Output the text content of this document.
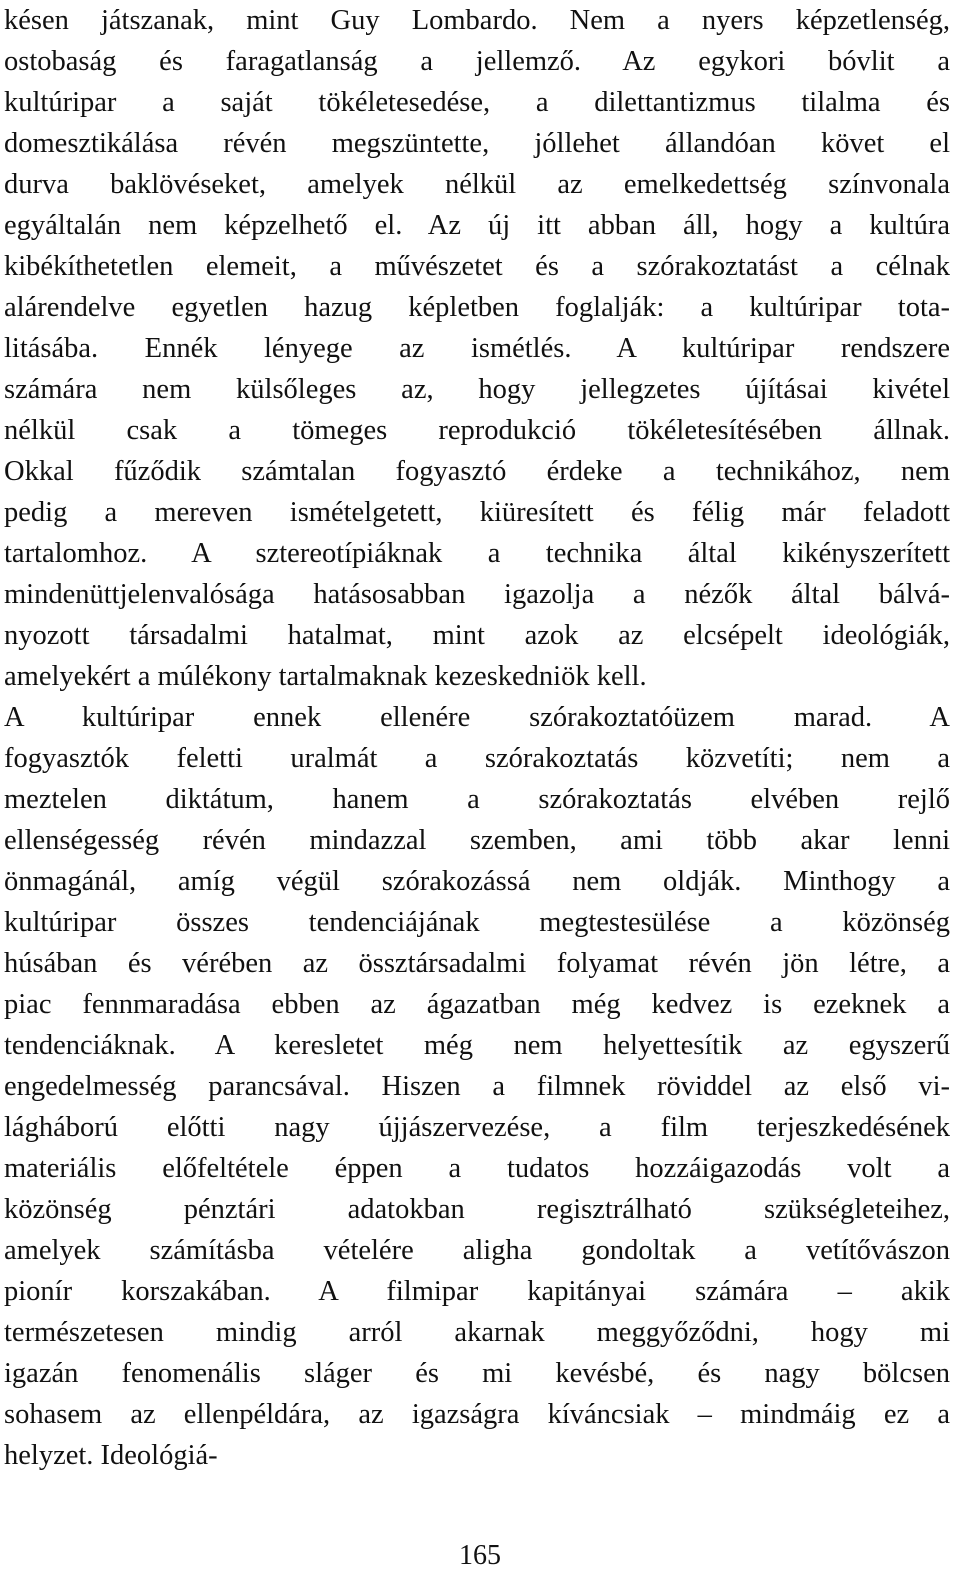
késen játszanak, mint Guy Lombardo. Nem a nyers képzetlenség,
ostobaság és faragatlanság a jellemző. Az egykori bóvlit a
kultúripar a saját tökéletesedése, a dilettantizmus tilalma és
domesztikálása révén megszüntette, jóllehet állandóan követ el
durva baklövéseket, amelyek nélkül az emelkedettség színvonala
egyáltalán nem képzelhető el. Az új itt abban áll, hogy a kultúra
kibékíthetetlen elemeit, a művészetet és a szórakoztatást a célnak
alárendelve egyetlen hazug képletben foglalják: a kultúripar tota-
litásába. Ennék lényege az ismétlés. A kultúripar rendszere
számára nem külsőleges az, hogy jellegzetes újításai kivétel
nélkül csak a tömeges reprodukció tökéletesítésében állnak.
Okkal fűződik számtalan fogyasztó érdeke a technikához, nem
pedig a mereven ismételgetett, kiüresített és félig már feladott
tartalomhoz. A sztereotípiáknak a technika által kikényszerített
mindenüttjelenvalósága hatásosabban igazolja a nézők által bálvá-
nyozott társadalmi hatalmat, mint azok az elcsépelt ideológiák,
amelyekért a múlékony tartalmaknak kezeskedniök kell.
A kultúripar ennek ellenére szórakoztatóüzem marad. A
fogyasztók feletti uralmát a szórakoztatás közvetíti; nem a
meztelen diktátum, hanem a szórakoztatás elvében rejlő
ellenségesség révén mindazzal szemben, ami több akar lenni
önmagánál, amíg végül szórakozássá nem oldják. Minthogy a
kultúripar összes tendenciájának megtestesülése a közönség
húsában és vérében az össztársadalmi folyamat révén jön létre, a
piac fennmaradása ebben az ágazatban még kedvez is ezeknek a
tendenciáknak. A keresletet még nem helyettesítik az egyszerű
engedelmesség parancsával. Hiszen a filmnek röviddel az első vi-
lágháború előtti nagy újjászervezése, a film terjeszkedésének
materiális előfeltétele éppen a tudatos hozzáigazodás volt a
közönség pénztári adatokban regisztrálható szükségleteihez,
amelyek számításba vételére aligha gondoltak a vetítővászon
pionír korszakában. A filmipar kapitányai számára – akik
természetesen mindig arról akarnak meggyőződni, hogy mi
igazán fenomenális sláger és mi kevésbé, és nagy bölcsen
sohasem az ellenpéldára, az igazságra kíváncsiak – mindmáig ez a
helyzet. Ideológiá-
165
